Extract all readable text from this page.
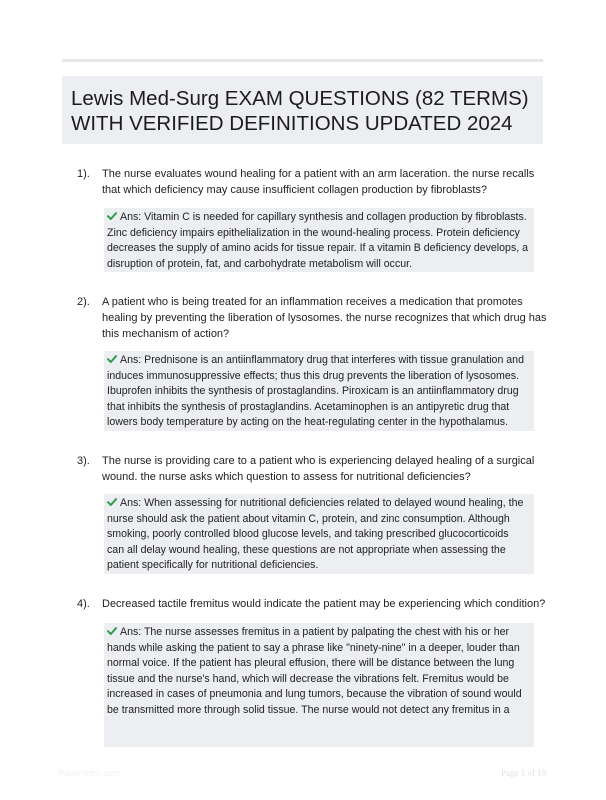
Lewis Med-Surg EXAM QUESTIONS (82 TERMS)
WITH VERIFIED DEFINITIONS UPDATED 2024
1). The nurse evaluates wound healing for a patient with an arm laceration. the nurse recalls
that which deficiency may cause insufficient collagen production by fibroblasts?
Ans: Vitamin C is needed for capillary synthesis and collagen production by fibroblasts.
Zinc deficiency impairs epithelialization in the wound-healing process. Protein deficiency
decreases the supply of amino acids for tissue repair. If a vitamin B deficiency develops, a
disruption of protein, fat, and carbohydrate metabolism will occur.
2). A patient who is being treated for an inflammation receives a medication that promotes
healing by preventing the liberation of lysosomes. the nurse recognizes that which drug has
this mechanism of action?
Ans: Prednisone is an antiinflammatory drug that interferes with tissue granulation and
induces immunosuppressive effects; thus this drug prevents the liberation of lysosomes.
Ibuprofen inhibits the synthesis of prostaglandins. Piroxicam is an antiinflammatory drug
that inhibits the synthesis of prostaglandins. Acetaminophen is an antipyretic drug that
lowers body temperature by acting on the heat-regulating center in the hypothalamus.
3). The nurse is providing care to a patient who is experiencing delayed healing of a surgical
wound. the nurse asks which question to assess for nutritional deficiencies?
Ans: When assessing for nutritional deficiencies related to delayed wound healing, the
nurse should ask the patient about vitamin C, protein, and zinc consumption. Although
smoking, poorly controlled blood glucose levels, and taking prescribed glucocorticoids
can all delay wound healing, these questions are not appropriate when assessing the
patient specifically for nutritional deficiencies.
4). Decreased tactile fremitus would indicate the patient may be experiencing which condition?
Ans: The nurse assesses fremitus in a patient by palpating the chest with his or her
hands while asking the patient to say a phrase like "ninety-nine" in a deeper, louder than
normal voice. If the patient has pleural effusion, there will be distance between the lung
tissue and the nurse's hand, which will decrease the vibrations felt. Fremitus would be
increased in cases of pneumonia and lung tumors, because the vibration of sound would
be transmitted more through solid tissue. The nurse would not detect any fremitus in a
Papertiptic.com	Page 1 of 19
